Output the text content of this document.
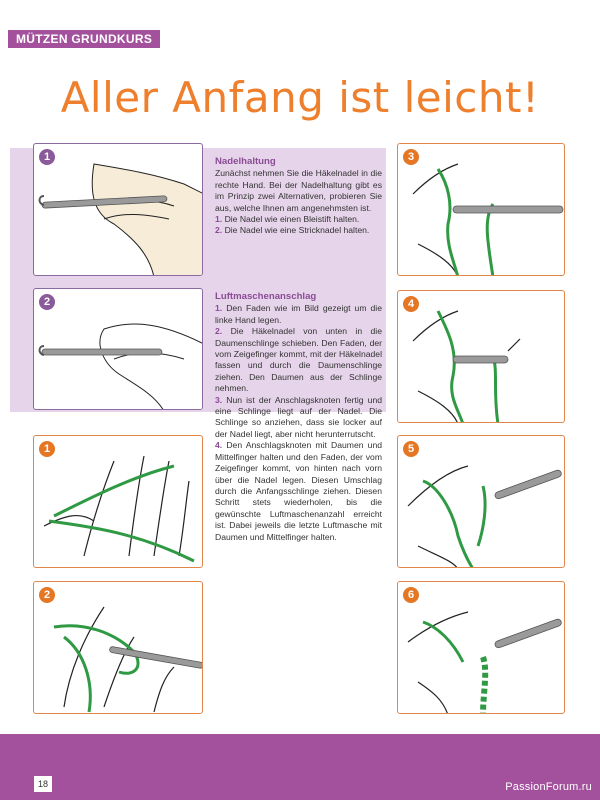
MÜTZEN GRUNDKURS
Aller Anfang ist leicht!
1
2
1
2
3
4
5
6
Nadelhaltung

Zunächst nehmen Sie die Häkelnadel in die rechte Hand. Bei der Nadelhaltung gibt es im Prinzip zwei Alternativen, probieren Sie aus, welche Ihnen am angenehmsten ist.

1. Die Nadel wie einen Bleistift halten.

2. Die Nadel wie eine Stricknadel halten.

Luftmaschenanschlag

1. Den Faden wie im Bild gezeigt um die linke Hand legen.

2. Die Häkelnadel von unten in die Daumenschlinge schieben. Den Faden, der vom Zeigefinger kommt, mit der Häkelnadel fassen und durch die Daumenschlinge ziehen. Den Daumen aus der Schlinge nehmen.

3. Nun ist der Anschlagsknoten fertig und eine Schlinge liegt auf der Nadel. Die Schlinge so anziehen, dass sie locker auf der Nadel liegt, aber nicht herunterrutscht.

4. Den Anschlagsknoten mit Daumen und Mittelfinger halten und den Faden, der vom Zeigefinger kommt, von hinten nach vorn über die Nadel legen. Diesen Umschlag durch die Anfangsschlinge ziehen. Diesen Schritt stets wiederholen, bis die gewünschte Luftmaschenanzahl erreicht ist. Dabei jeweils die letzte Luftmasche mit Daumen und Mittelfinger halten.

18	PassionForum.ru
